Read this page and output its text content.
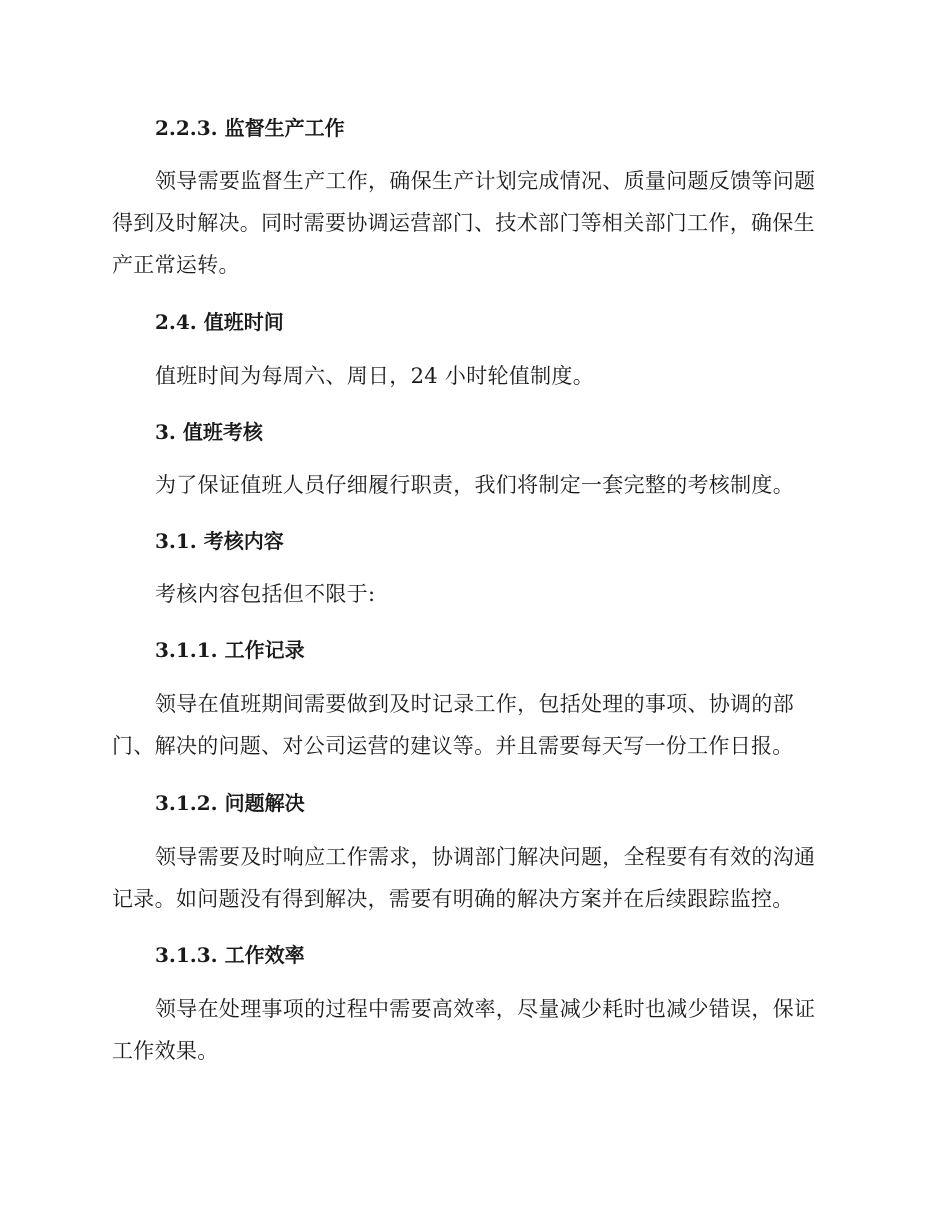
2.2.3. 监督生产工作
领导需要监督生产工作，确保生产计划完成情况、质量问题反馈等问题得到及时解决。同时需要协调运营部门、技术部门等相关部门工作，确保生产正常运转。
2.4. 值班时间
值班时间为每周六、周日，24 小时轮值制度。
3. 值班考核
为了保证值班人员仔细履行职责，我们将制定一套完整的考核制度。
3.1. 考核内容
考核内容包括但不限于:
3.1.1. 工作记录
领导在值班期间需要做到及时记录工作，包括处理的事项、协调的部门、解决的问题、对公司运营的建议等。并且需要每天写一份工作日报。
3.1.2. 问题解决
领导需要及时响应工作需求，协调部门解决问题，全程要有有效的沟通记录。如问题没有得到解决，需要有明确的解决方案并在后续跟踪监控。
3.1.3. 工作效率
领导在处理事项的过程中需要高效率，尽量减少耗时也减少错误，保证工作效果。
